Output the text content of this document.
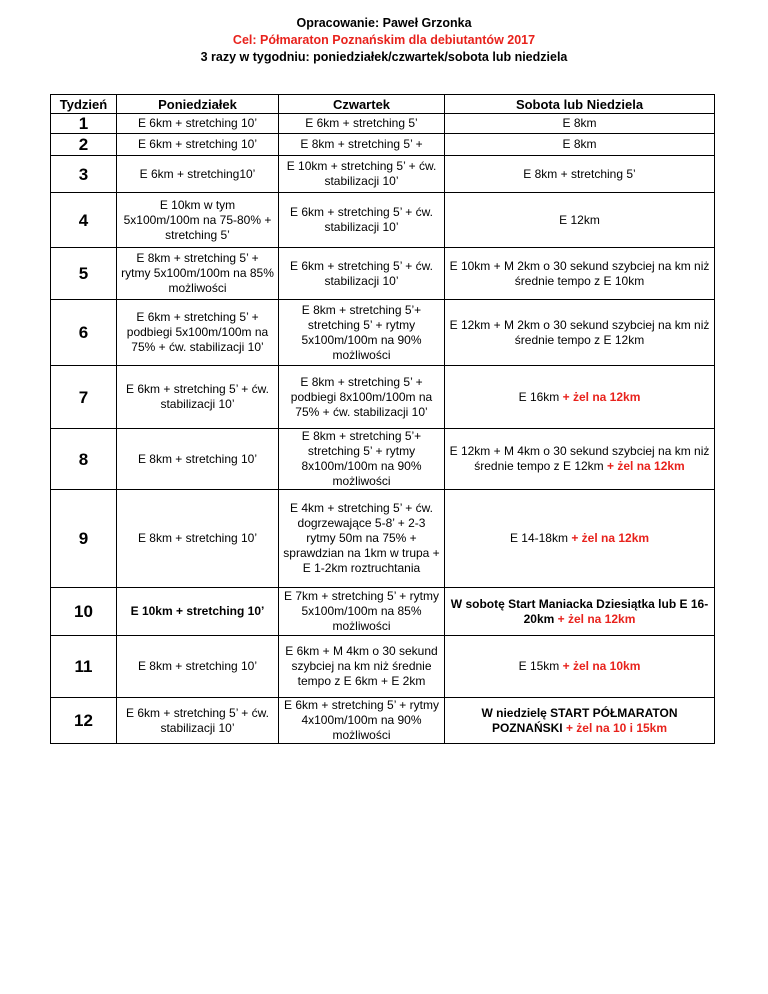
Opracowanie: Paweł Grzonka
Cel: Półmaraton Poznańskim dla debiutantów 2017
3 razy w tygodniu: poniedziałek/czwartek/sobota lub niedziela
Tydzień	Poniedziałek	Czwartek	Sobota lub Niedziela
1	E 6km + stretching 10’	E 6km + stretching 5’	E 8km
2	E 6km + stretching 10’	E 8km + stretching 5’ +	E 8km
3	E 6km + stretching10’	E 10km + stretching 5’ + ćw. stabilizacji 10’	E 8km + stretching 5’
4	E 10km w tym 5x100m/100m na 75-80% + stretching 5’	E 6km + stretching 5’ + ćw. stabilizacji 10’	E 12km
5	E 8km + stretching 5’ + rytmy 5x100m/100m na 85% możliwości	E 6km + stretching 5’ + ćw. stabilizacji 10’	E 10km + M 2km o 30 sekund szybciej na km niż średnie tempo z E 10km
6	E 6km + stretching 5’ + podbiegi 5x100m/100m na 75% + ćw. stabilizacji 10’	E 8km + stretching 5’+ stretching 5’ + rytmy 5x100m/100m na 90% możliwości	E 12km + M 2km o 30 sekund szybciej na km niż średnie tempo z E 12km
7	E 6km + stretching 5’ + ćw. stabilizacji 10’	E 8km + stretching 5’ + podbiegi 8x100m/100m na 75% + ćw. stabilizacji 10’	E 16km + żel na 12km
8	E 8km + stretching 10’	E 8km + stretching 5’+ stretching 5’ + rytmy 8x100m/100m na 90% możliwości	E 12km + M 4km o 30 sekund szybciej na km niż średnie tempo z E 12km + żel na 12km
9	E 8km + stretching 10’	E 4km + stretching 5’ + ćw. dogrzewające 5-8’ + 2-3 rytmy 50m na 75% + sprawdzian na 1km w trupa + E 1-2km roztruchtania	E 14-18km + żel na 12km
10	E 10km + stretching 10’	E 7km + stretching 5’ + rytmy 5x100m/100m na 85% możliwości	W sobotę Start Maniacka Dziesiątka lub E 16-20km + żel na 12km
11	E 8km + stretching 10’	E 6km + M 4km o 30 sekund szybciej na km niż średnie tempo z E 6km + E 2km	E 15km + żel na 10km
12	E 6km + stretching 5’ + ćw. stabilizacji 10’	E 6km + stretching 5’ + rytmy 4x100m/100m na 90% możliwości	W niedzielę START PÓŁMARATON POZNAŃSKI + żel na 10 i 15km
